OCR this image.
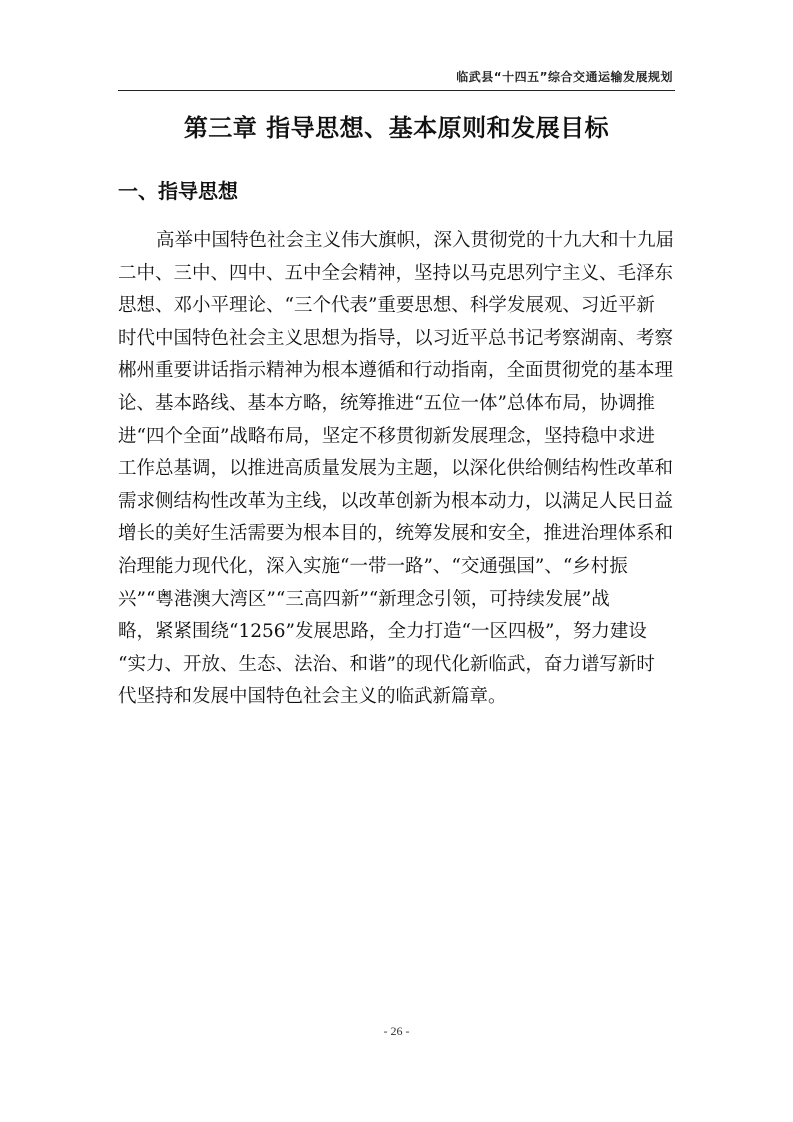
临武县“十四五”综合交通运输发展规划
第三章 指导思想、基本原则和发展目标
一、指导思想
高举中国特色社会主义伟大旗帜，深入贯彻党的十九大和十九届
二中、三中、四中、五中全会精神，坚持以马克思列宁主义、毛泽东
思想、邓小平理论、“三个代表”重要思想、科学发展观、习近平新
时代中国特色社会主义思想为指导，以习近平总书记考察湖南、考察
郴州重要讲话指示精神为根本遵循和行动指南，全面贯彻党的基本理
论、基本路线、基本方略，统筹推进“五位一体”总体布局，协调推
进“四个全面”战略布局，坚定不移贯彻新发展理念，坚持稳中求进
工作总基调，以推进高质量发展为主题，以深化供给侧结构性改革和
需求侧结构性改革为主线，以改革创新为根本动力，以满足人民日益
增长的美好生活需要为根本目的，统筹发展和安全，推进治理体系和
治理能力现代化，深入实施“一带一路”、“交通强国”、“乡村振
兴”“粤港澳大湾区”“三高四新”“新理念引领，可持续发展”战
略，紧紧围绕“1256”发展思路，全力打造“一区四极”，努力建设
“实力、开放、生态、法治、和谐”的现代化新临武，奋力谱写新时
代坚持和发展中国特色社会主义的临武新篇章。
- 26 -
